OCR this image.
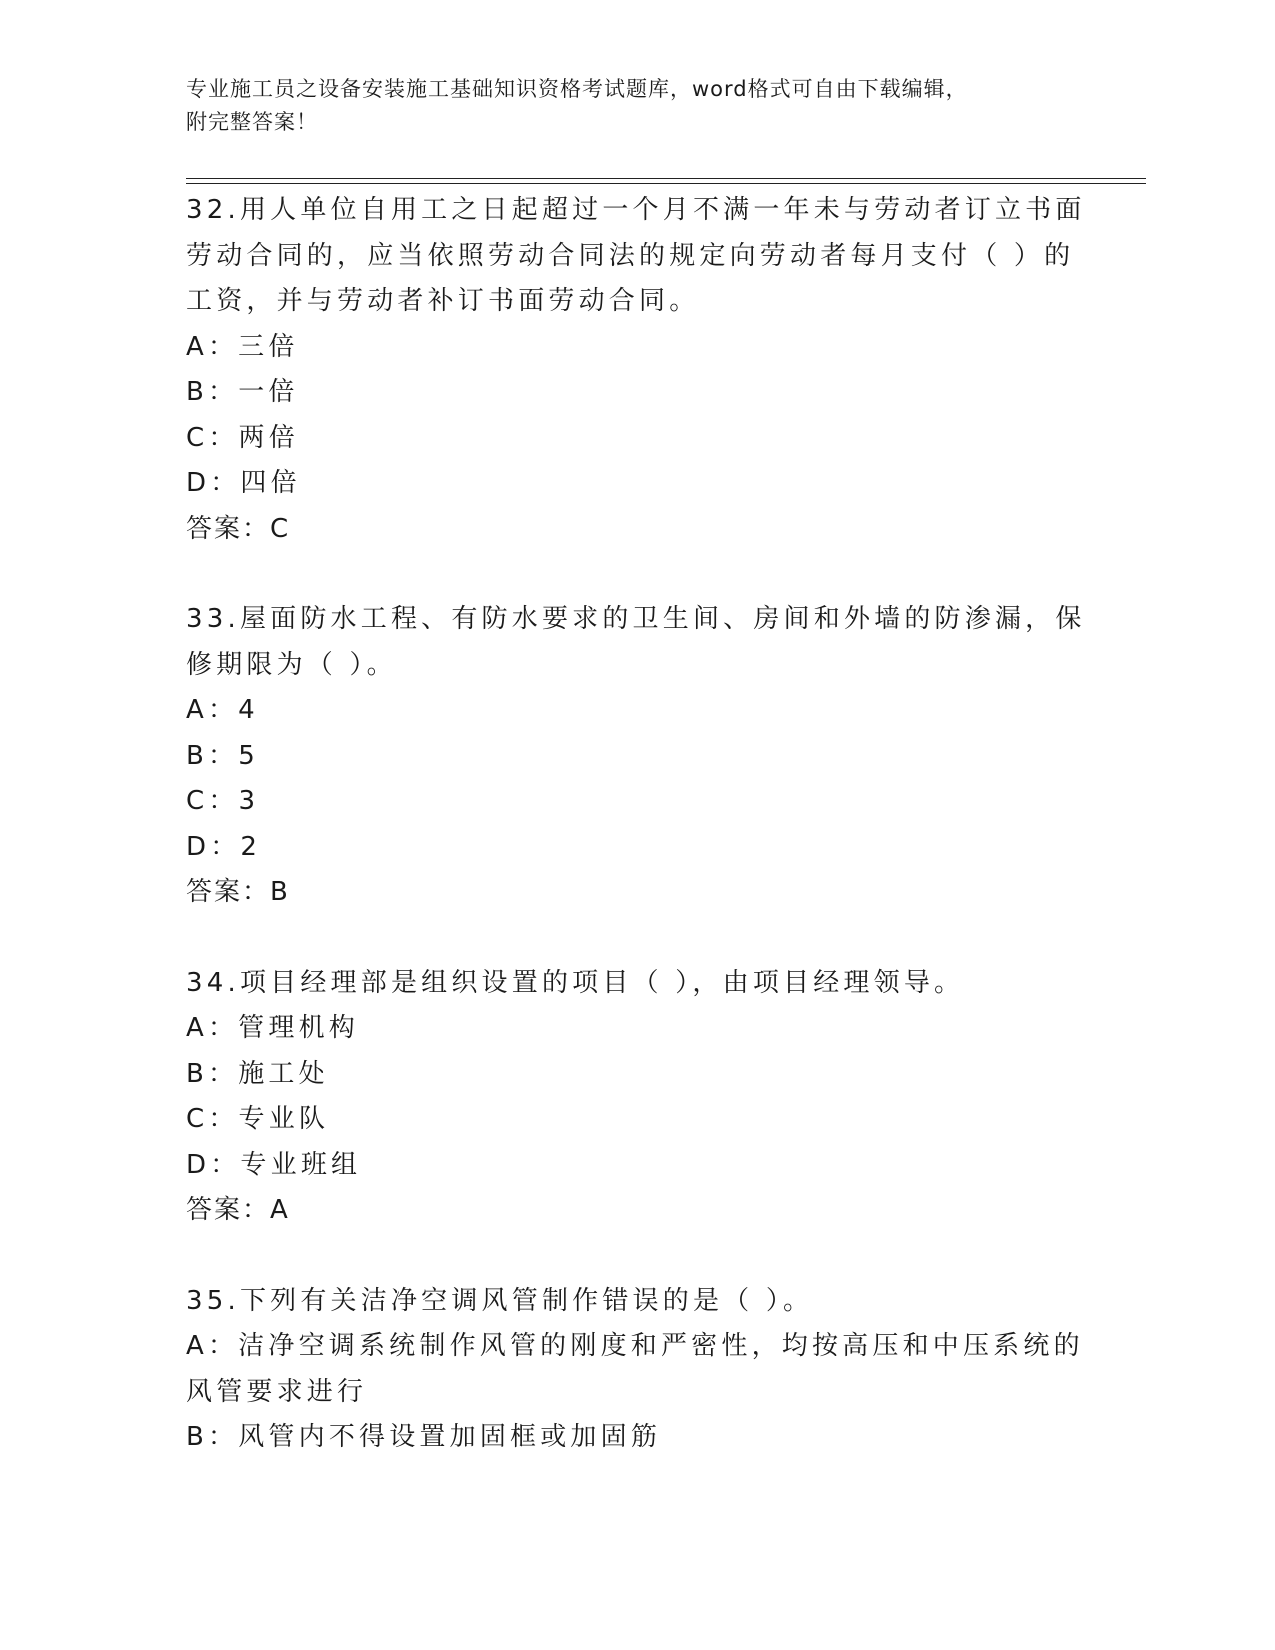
专业施工员之设备安装施工基础知识资格考试题库，word格式可自由下载编辑，
附完整答案！

32.用人单位自用工之日起超过一个月不满一年未与劳动者订立书面劳动合同的，应当依照劳动合同法的规定向劳动者每月支付（ ）的工资，并与劳动者补订书面劳动合同。

A：三倍

B：一倍

C：两倍

D：四倍

答案：C

33.屋面防水工程、有防水要求的卫生间、房间和外墙的防渗漏，保修期限为（ ）。

A：4

B：5

C：3

D：2

答案：B

34.项目经理部是组织设置的项目（ ），由项目经理领导。

A：管理机构

B：施工处

C：专业队

D：专业班组

答案：A

35.下列有关洁净空调风管制作错误的是（ ）。

A：洁净空调系统制作风管的刚度和严密性，均按高压和中压系统的风管要求进行

B：风管内不得设置加固框或加固筋
